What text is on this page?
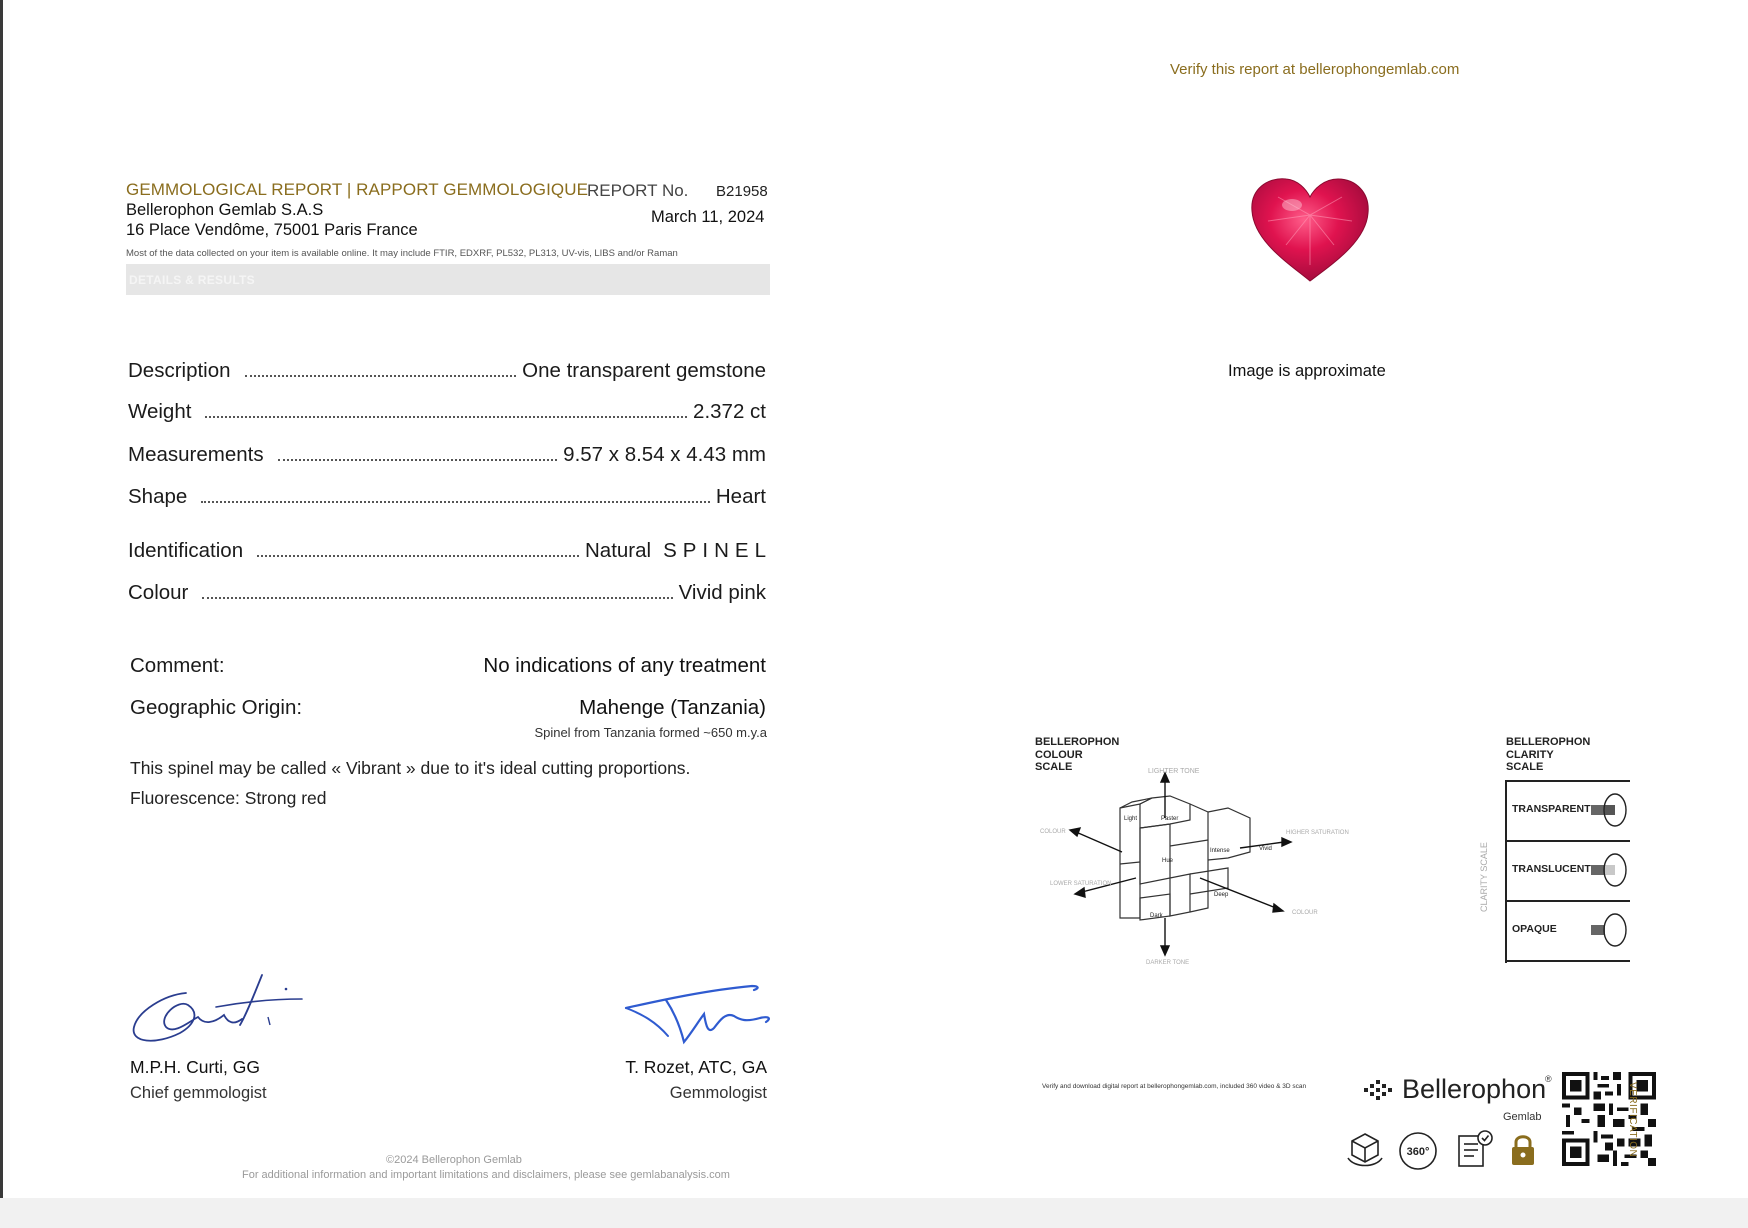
Verify this report at bellerophongemlab.com
GEMMOLOGICAL REPORT | RAPPORT GEMMOLOGIQUE
Bellerophon Gemlab S.A.S
16 Place Vendôme, 75001 Paris France
REPORT No. B21958
March 11, 2024
Most of the data collected on your item is available online. It may include FTIR, EDXRF, PL532, PL313, UV-vis, LIBS and/or Raman
DETAILS & RESULTS
Description	One transparent gemstone
Weight	2.372 ct
Measurements	9.57 x 8.54 x 4.43 mm
Shape	Heart
Identification	Natural SPINEL
Colour	Vivid pink
Comment:	No indications of any treatment
Geographic Origin:	Mahenge (Tanzania)
Spinel from Tanzania formed ~650 m.y.a
This spinel may be called « Vibrant » due to it's ideal cutting proportions.
Fluorescence: Strong red
M.P.H. Curti, GG
Chief gemmologist
T. Rozet, ATC, GA
Gemmologist
©2024 Bellerophon Gemlab
For additional information and important limitations and disclaimers, please see gemlabanalysis.com
Image is approximate
BELLEROPHON
COLOUR
SCALE	LIGHTER TONE
DARKER TONE
COLOUR
LOWER SATURATION
HIGHER SATURATION
COLOUR
Light	Paster
Hue
Intense	Vivid
Deep
Dark
BELLEROPHON
CLARITY
SCALE
CLARITY SCALE
TRANSPARENT
TRANSLUCENT
OPAQUE
Verify and download digital report at bellerophongemlab.com, included 360 video & 3D scan	Bellerophon
®
Gemlab
360°	VERIFICATION
